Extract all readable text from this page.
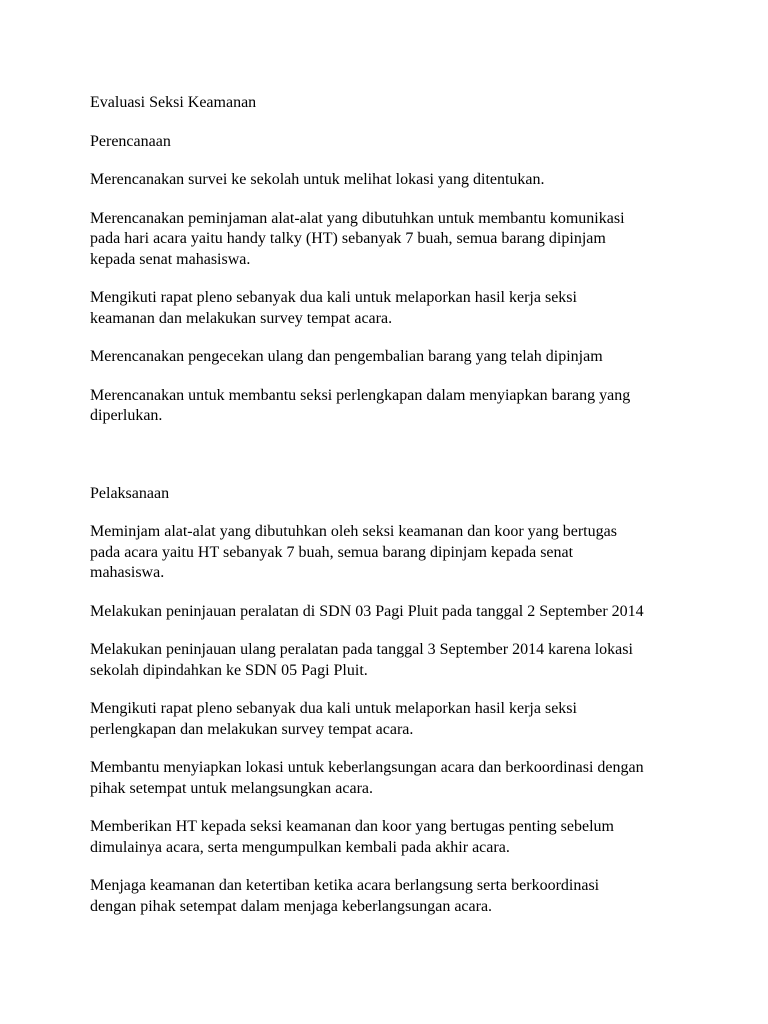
Evaluasi Seksi Keamanan

Perencanaan

Merencanakan survei ke sekolah untuk melihat lokasi yang ditentukan.

Merencanakan peminjaman alat-alat yang dibutuhkan untuk membantu komunikasi
pada hari acara yaitu handy talky (HT) sebanyak 7 buah, semua barang dipinjam
kepada senat mahasiswa.

Mengikuti rapat pleno sebanyak dua kali untuk melaporkan hasil kerja seksi
keamanan dan melakukan survey tempat acara.

Merencanakan pengecekan ulang dan pengembalian barang yang telah dipinjam

Merencanakan untuk membantu seksi perlengkapan dalam menyiapkan barang yang
diperlukan.

Pelaksanaan

Meminjam alat-alat yang dibutuhkan oleh seksi keamanan dan koor yang bertugas
pada acara yaitu HT sebanyak 7 buah, semua barang dipinjam kepada senat
mahasiswa.

Melakukan peninjauan peralatan di SDN 03 Pagi Pluit pada tanggal 2 September 2014

Melakukan peninjauan ulang peralatan pada tanggal 3 September 2014 karena lokasi
sekolah dipindahkan ke SDN 05 Pagi Pluit.

Mengikuti rapat pleno sebanyak dua kali untuk melaporkan hasil kerja seksi
perlengkapan dan melakukan survey tempat acara.

Membantu menyiapkan lokasi untuk keberlangsungan acara dan berkoordinasi dengan
pihak setempat untuk melangsungkan acara.

Memberikan HT kepada seksi keamanan dan koor yang bertugas penting sebelum
dimulainya acara, serta mengumpulkan kembali pada akhir acara.

Menjaga keamanan dan ketertiban ketika acara berlangsung serta berkoordinasi
dengan pihak setempat dalam menjaga keberlangsungan acara.
